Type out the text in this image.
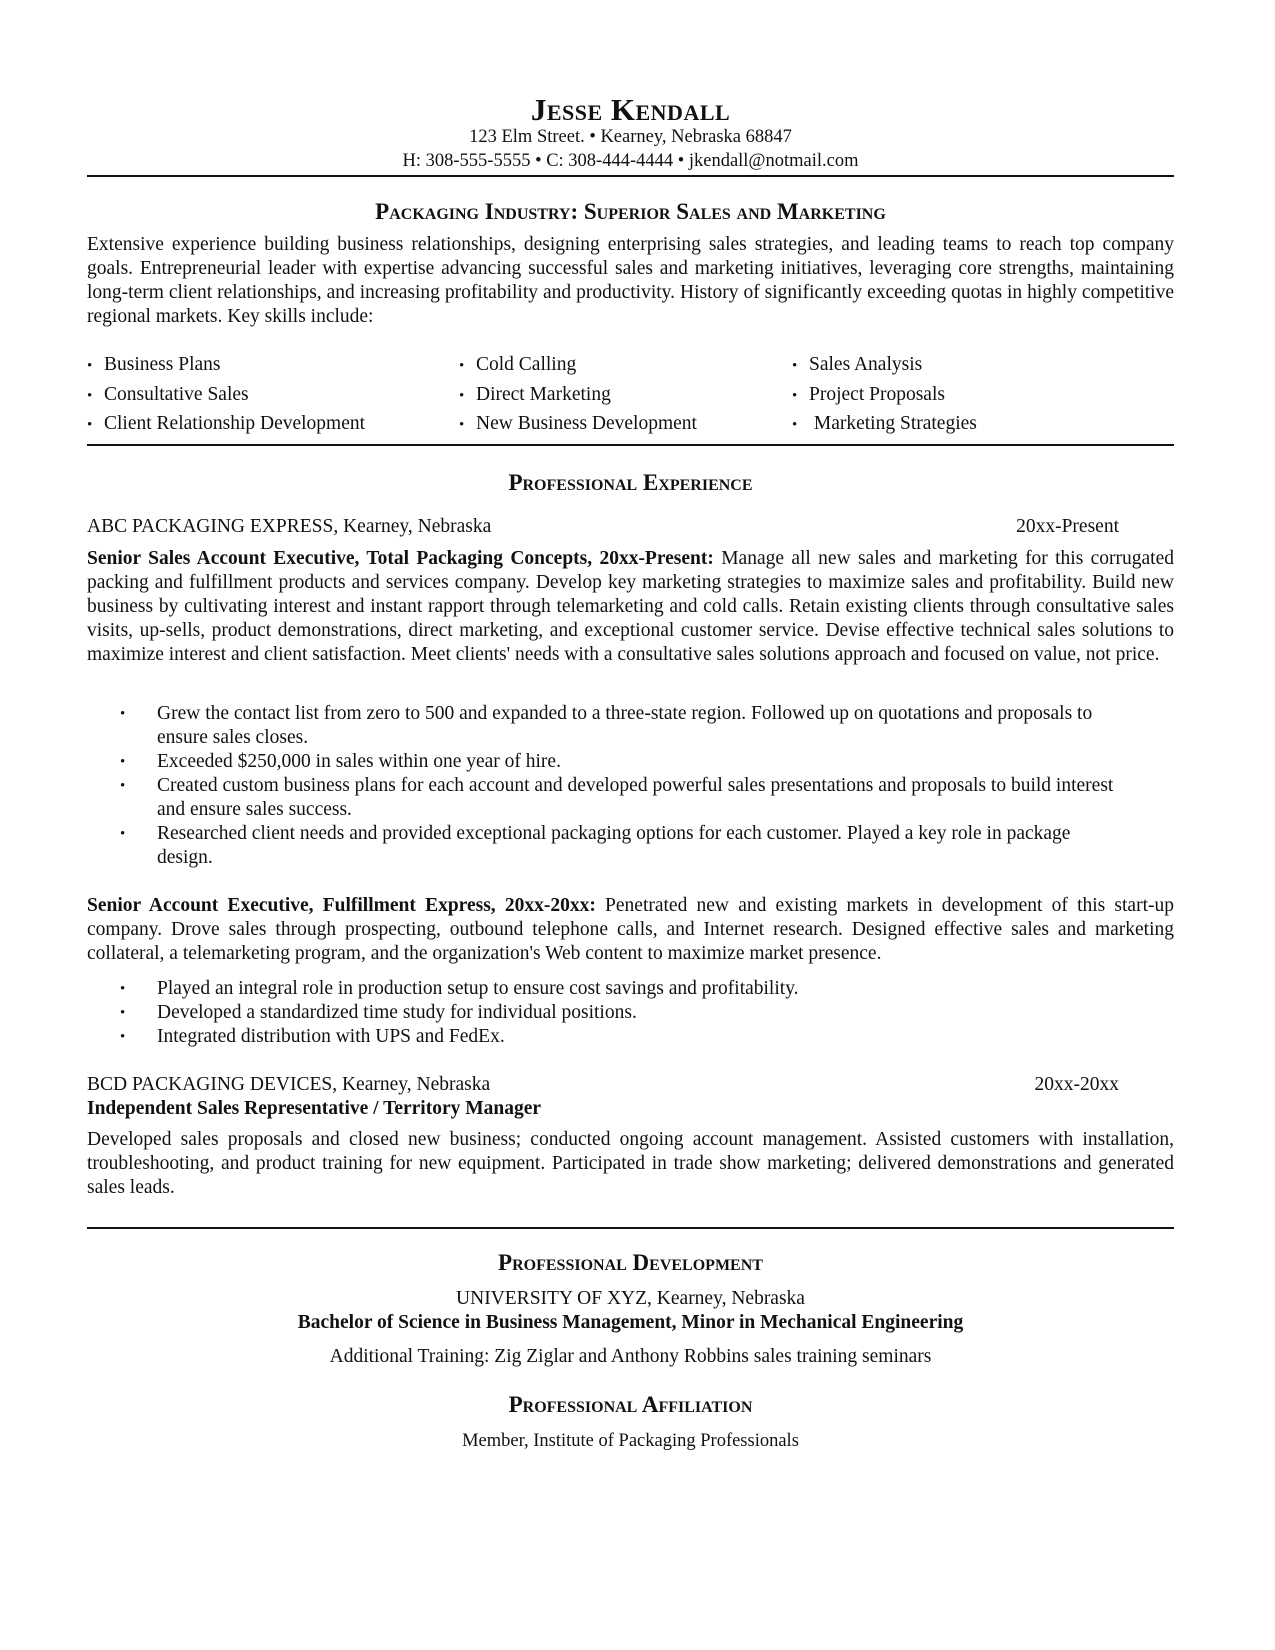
Jesse Kendall
123 Elm Street. • Kearney, Nebraska 68847
H: 308-555-5555 • C: 308-444-4444 • jkendall@notmail.com
Packaging Industry: Superior Sales and Marketing
Extensive experience building business relationships, designing enterprising sales strategies, and leading teams to reach top company goals. Entrepreneurial leader with expertise advancing successful sales and marketing initiatives, leveraging core strengths, maintaining long-term client relationships, and increasing profitability and productivity. History of significantly exceeding quotas in highly competitive regional markets. Key skills include:
• Business Plans
• Consultative Sales
• Client Relationship Development
• Cold Calling
• Direct Marketing
• New Business Development
• Sales Analysis
• Project Proposals
• Marketing Strategies
Professional Experience
ABC PACKAGING EXPRESS, Kearney, Nebraska	20xx-Present
Senior Sales Account Executive, Total Packaging Concepts, 20xx-Present: Manage all new sales and marketing for this corrugated packing and fulfillment products and services company. Develop key marketing strategies to maximize sales and profitability. Build new business by cultivating interest and instant rapport through telemarketing and cold calls. Retain existing clients through consultative sales visits, up-sells, product demonstrations, direct marketing, and exceptional customer service. Devise effective technical sales solutions to maximize interest and client satisfaction. Meet clients' needs with a consultative sales solutions approach and focused on value, not price.
• Grew the contact list from zero to 500 and expanded to a three-state region. Followed up on quotations and proposals to ensure sales closes.
• Exceeded $250,000 in sales within one year of hire.
• Created custom business plans for each account and developed powerful sales presentations and proposals to build interest and ensure sales success.
• Researched client needs and provided exceptional packaging options for each customer. Played a key role in package design.
Senior Account Executive, Fulfillment Express, 20xx-20xx: Penetrated new and existing markets in development of this start-up company. Drove sales through prospecting, outbound telephone calls, and Internet research. Designed effective sales and marketing collateral, a telemarketing program, and the organization's Web content to maximize market presence.
• Played an integral role in production setup to ensure cost savings and profitability.
• Developed a standardized time study for individual positions.
• Integrated distribution with UPS and FedEx.
BCD PACKAGING DEVICES, Kearney, Nebraska	20xx-20xx
Independent Sales Representative / Territory Manager
Developed sales proposals and closed new business; conducted ongoing account management. Assisted customers with installation, troubleshooting, and product training for new equipment. Participated in trade show marketing; delivered demonstrations and generated sales leads.
Professional Development
UNIVERSITY OF XYZ, Kearney, Nebraska
Bachelor of Science in Business Management, Minor in Mechanical Engineering
Additional Training: Zig Ziglar and Anthony Robbins sales training seminars
Professional Affiliation
Member, Institute of Packaging Professionals
